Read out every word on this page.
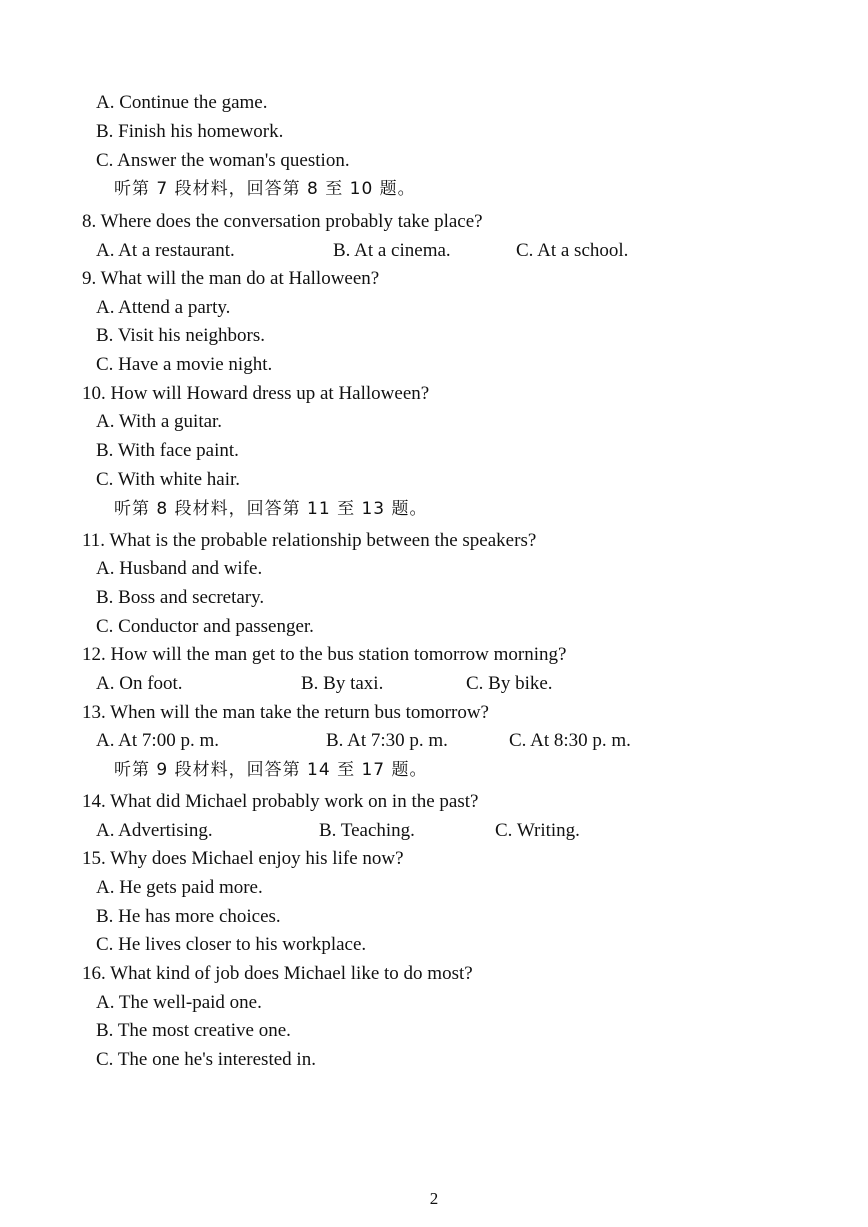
A. Continue the game.
B. Finish his homework.
C. Answer the woman's question.
听第 7 段材料，回答第 8 至 10 题。
8. Where does the conversation probably take place?
A. At a restaurant.	B. At a cinema.	C. At a school.
9. What will the man do at Halloween?
A. Attend a party.
B. Visit his neighbors.
C. Have a movie night.
10. How will Howard dress up at Halloween?
A. With a guitar.
B. With face paint.
C. With white hair.
听第 8 段材料，回答第 11 至 13 题。
11. What is the probable relationship between the speakers?
A. Husband and wife.
B. Boss and secretary.
C. Conductor and passenger.
12. How will the man get to the bus station tomorrow morning?
A. On foot.	B. By taxi.	C. By bike.
13. When will the man take the return bus tomorrow?
A. At 7:00 p. m.	B. At 7:30 p. m.	C. At 8:30 p. m.
听第 9 段材料，回答第 14 至 17 题。
14. What did Michael probably work on in the past?
A. Advertising.	B. Teaching.	C. Writing.
15. Why does Michael enjoy his life now?
A. He gets paid more.
B. He has more choices.
C. He lives closer to his workplace.
16. What kind of job does Michael like to do most?
A. The well-paid one.
B. The most creative one.
C. The one he's interested in.
2
